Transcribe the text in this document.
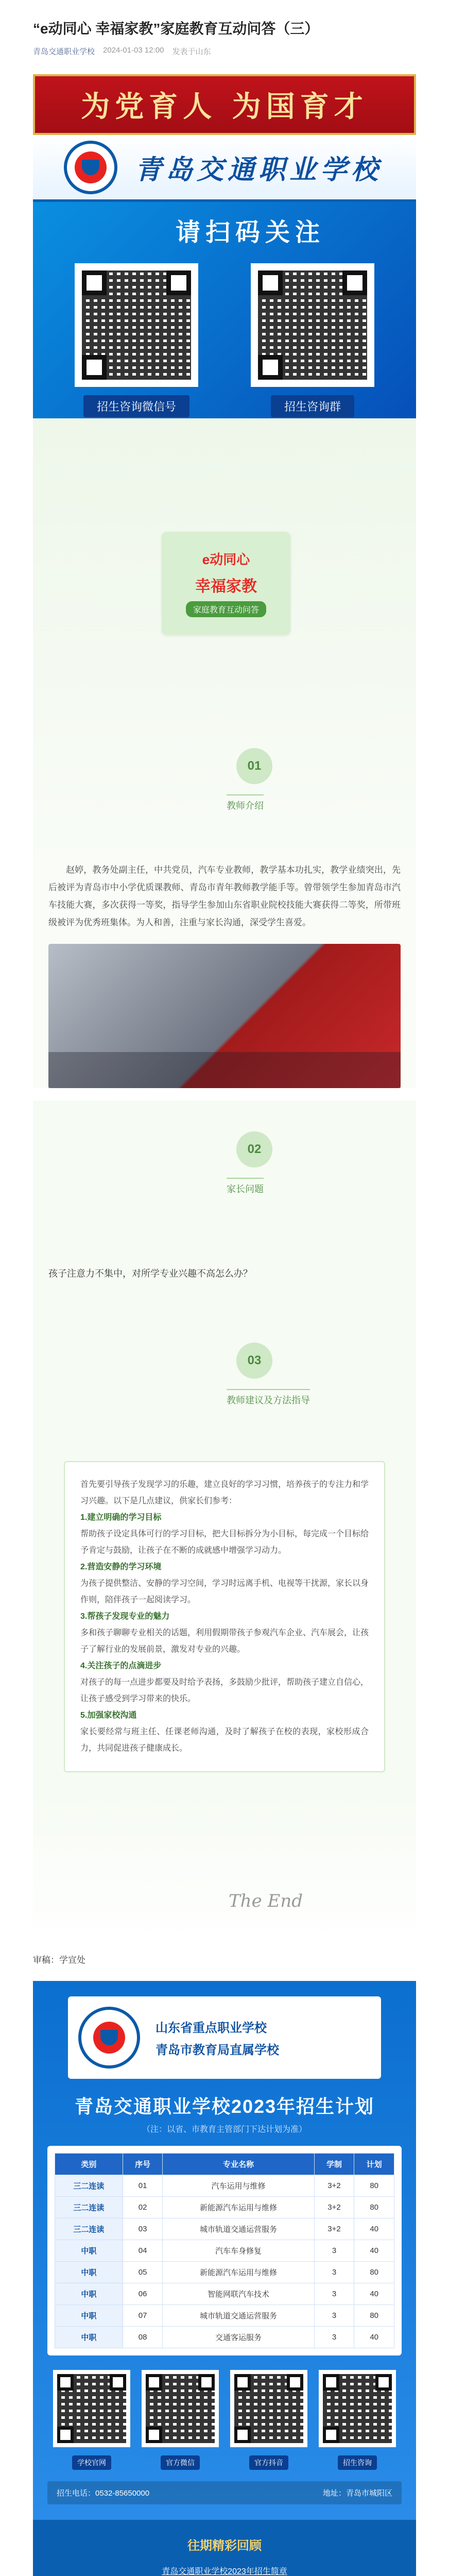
“e动同心 幸福家教”家庭教育互动问答（三）
青岛交通职业学校 2024-01-03 12:00 发表于山东
为党育人 为国育才
青岛交通职业学校
请扫码关注
招生咨询微信号	招生咨询群
e动同心
幸福家教
家庭教育互动问答
01
教师介绍

赵婷，教务处副主任，中共党员，汽车专业教师，教学基本功扎实，教学业绩突出，先后被评为青岛市中小学优质课教师、青岛市青年教师教学能手等。曾带领学生参加青岛市汽车技能大赛，多次获得一等奖，指导学生参加山东省职业院校技能大赛获得二等奖，所带班级被评为优秀班集体。为人和善，注重与家长沟通，深受学生喜爱。

02
家长问题
孩子注意力不集中，对所学专业兴趣不高怎么办？
03
教师建议及方法指导

首先要引导孩子发现学习的乐趣，建立良好的学习习惯，培养孩子的专注力和学习兴趣。以下是几点建议，供家长们参考：

1.建立明确的学习目标

帮助孩子设定具体可行的学习目标，把大目标拆分为小目标，每完成一个目标给予肯定与鼓励，让孩子在不断的成就感中增强学习动力。

2.营造安静的学习环境

为孩子提供整洁、安静的学习空间，学习时远离手机、电视等干扰源，家长以身作则，陪伴孩子一起阅读学习。

3.帮孩子发现专业的魅力

多和孩子聊聊专业相关的话题，利用假期带孩子参观汽车企业、汽车展会，让孩子了解行业的发展前景，激发对专业的兴趣。

4.关注孩子的点滴进步

对孩子的每一点进步都要及时给予表扬，多鼓励少批评，帮助孩子建立自信心，让孩子感受到学习带来的快乐。

5.加强家校沟通

家长要经常与班主任、任课老师沟通，及时了解孩子在校的表现，家校形成合力，共同促进孩子健康成长。

The End
审稿：学宣处
山东省重点职业学校
青岛市教育局直属学校
青岛交通职业学校2023年招生计划
（注：以省、市教育主管部门下达计划为准）
类别	序号	专业名称	学制	计划
三二连读	01	汽车运用与维修	3+2	80
三二连读	02	新能源汽车运用与维修	3+2	80
三二连读	03	城市轨道交通运营服务	3+2	40
中职	04	汽车车身修复	3	40
中职	05	新能源汽车运用与维修	3	80
中职	06	智能网联汽车技术	3	40
中职	07	城市轨道交通运营服务	3	80
中职	08	交通客运服务	3	40
学校官网	官方微信	官方抖音	招生咨询
招生电话：0532-85650000	地址：青岛市城阳区
往期精彩回顾
青岛交通职业学校2023年招生简章
